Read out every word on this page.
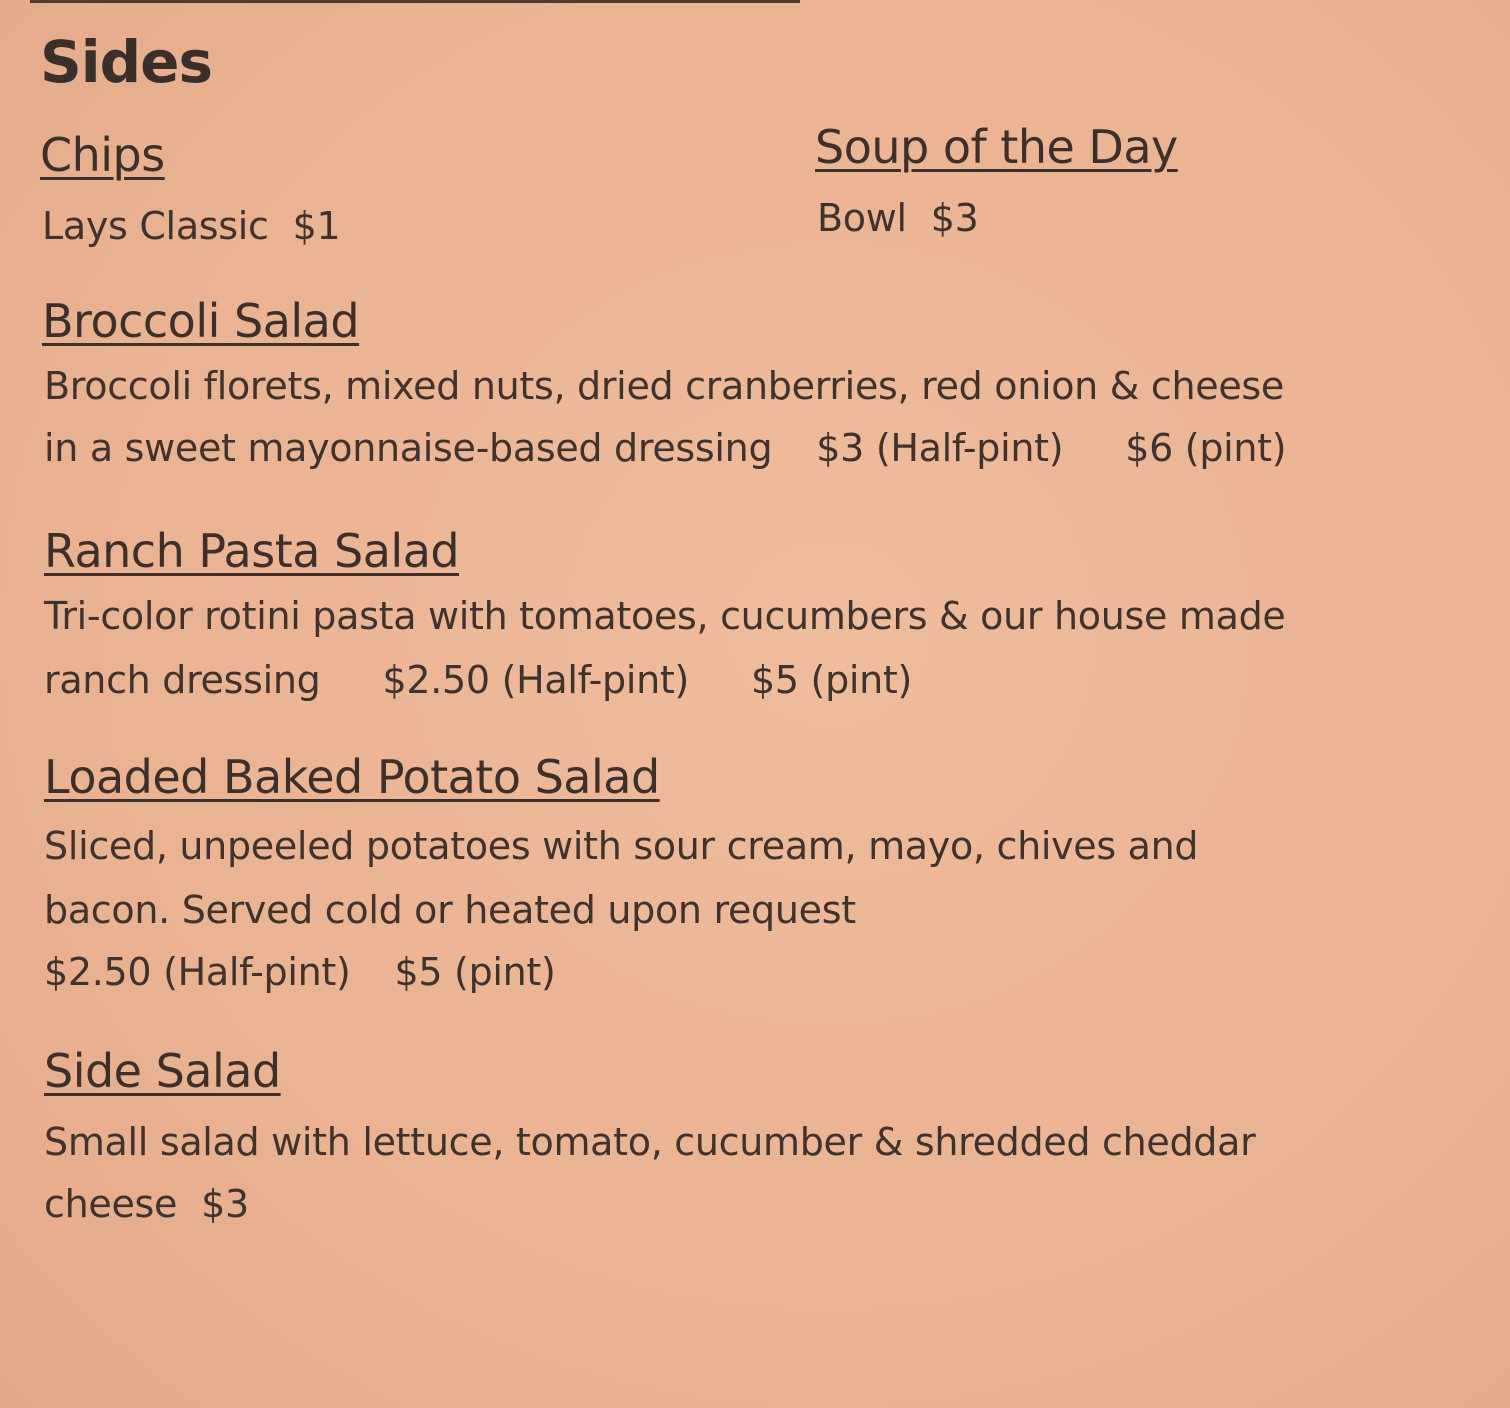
Sides
Chips
Lays Classic $1
Soup of the Day
Bowl $3
Broccoli Salad
Broccoli florets, mixed nuts, dried cranberries, red onion & cheese
in a sweet mayonnaise-based dressing $3 (Half-pint) $6 (pint)
Ranch Pasta Salad
Tri-color rotini pasta with tomatoes, cucumbers & our house made
ranch dressing $2.50 (Half-pint) $5 (pint)
Loaded Baked Potato Salad
Sliced, unpeeled potatoes with sour cream, mayo, chives and
bacon. Served cold or heated upon request
$2.50 (Half-pint) $5 (pint)
Side Salad
Small salad with lettuce, tomato, cucumber & shredded cheddar
cheese $3
